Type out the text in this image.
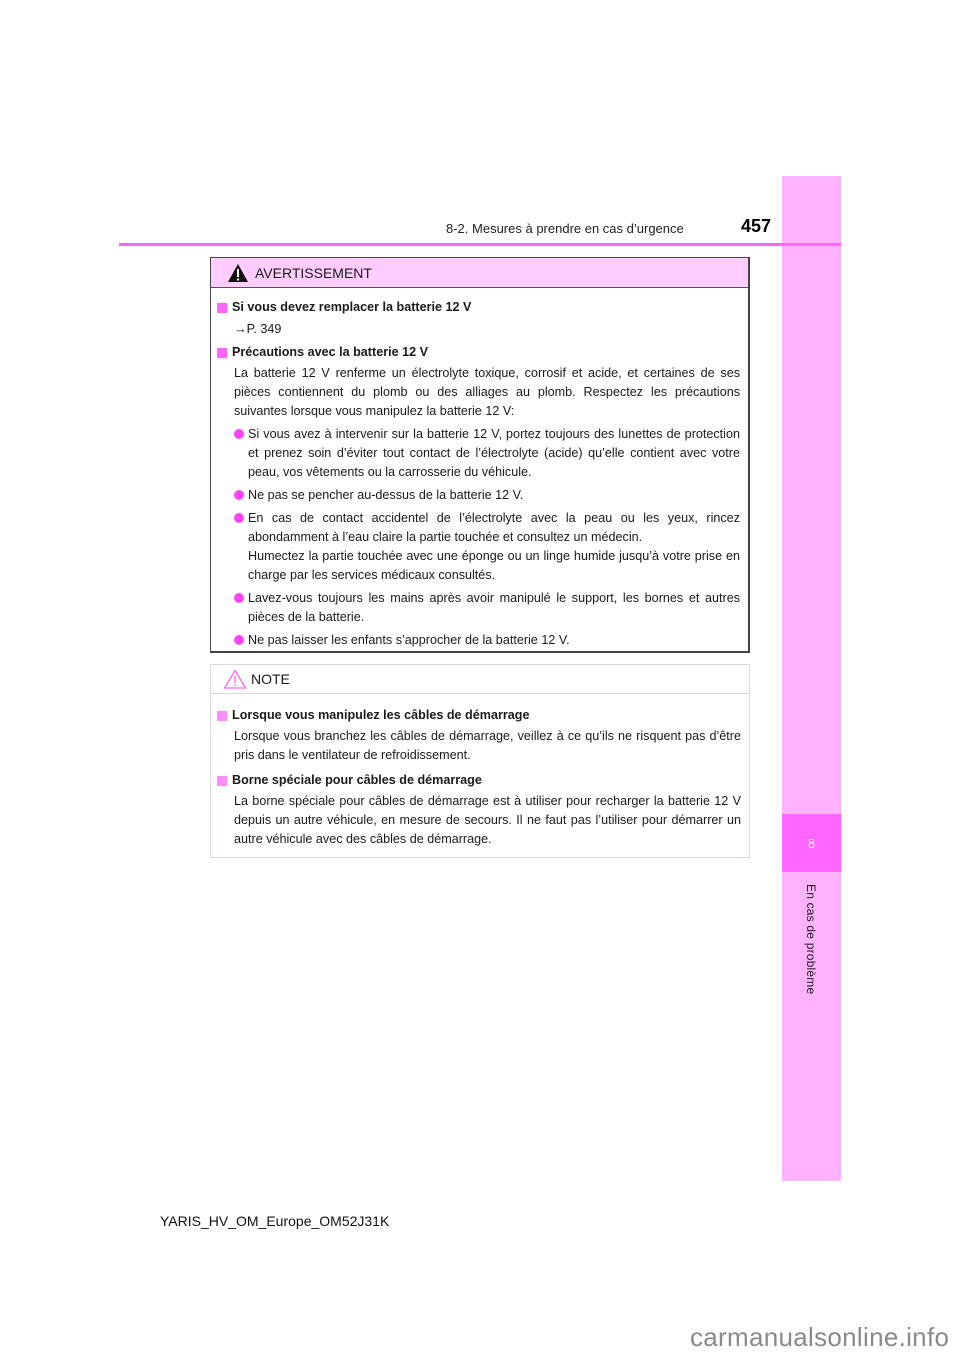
8
En cas de problème
8-2. Mesures à prendre en cas d’urgence	457
AVERTISSEMENT
Si vous devez remplacer la batterie 12 V
→P. 349
Précautions avec la batterie 12 V
La batterie 12 V renferme un électrolyte toxique, corrosif et acide, et certaines de ses pièces contiennent du plomb ou des alliages au plomb. Respectez les précautions suivantes lorsque vous manipulez la batterie 12 V:
Si vous avez à intervenir sur la batterie 12 V, portez toujours des lunettes de protection et prenez soin d’éviter tout contact de l’électrolyte (acide) qu’elle contient avec votre peau, vos vêtements ou la carrosserie du véhicule.
Ne pas se pencher au-dessus de la batterie 12 V.
En cas de contact accidentel de l’électrolyte avec la peau ou les yeux, rincez abondamment à l’eau claire la partie touchée et consultez un médecin.
Humectez la partie touchée avec une éponge ou un linge humide jusqu’à votre prise en charge par les services médicaux consultés.
Lavez-vous toujours les mains après avoir manipulé le support, les bornes et autres pièces de la batterie.
Ne pas laisser les enfants s’approcher de la batterie 12 V.
NOTE
Lorsque vous manipulez les câbles de démarrage
Lorsque vous branchez les câbles de démarrage, veillez à ce qu’ils ne risquent pas d’être pris dans le ventilateur de refroidissement.
Borne spéciale pour câbles de démarrage
La borne spéciale pour câbles de démarrage est à utiliser pour recharger la batterie 12 V depuis un autre véhicule, en mesure de secours. Il ne faut pas l’utiliser pour démarrer un autre véhicule avec des câbles de démarrage.
YARIS_HV_OM_Europe_OM52J31K
carmanualsonline.info
